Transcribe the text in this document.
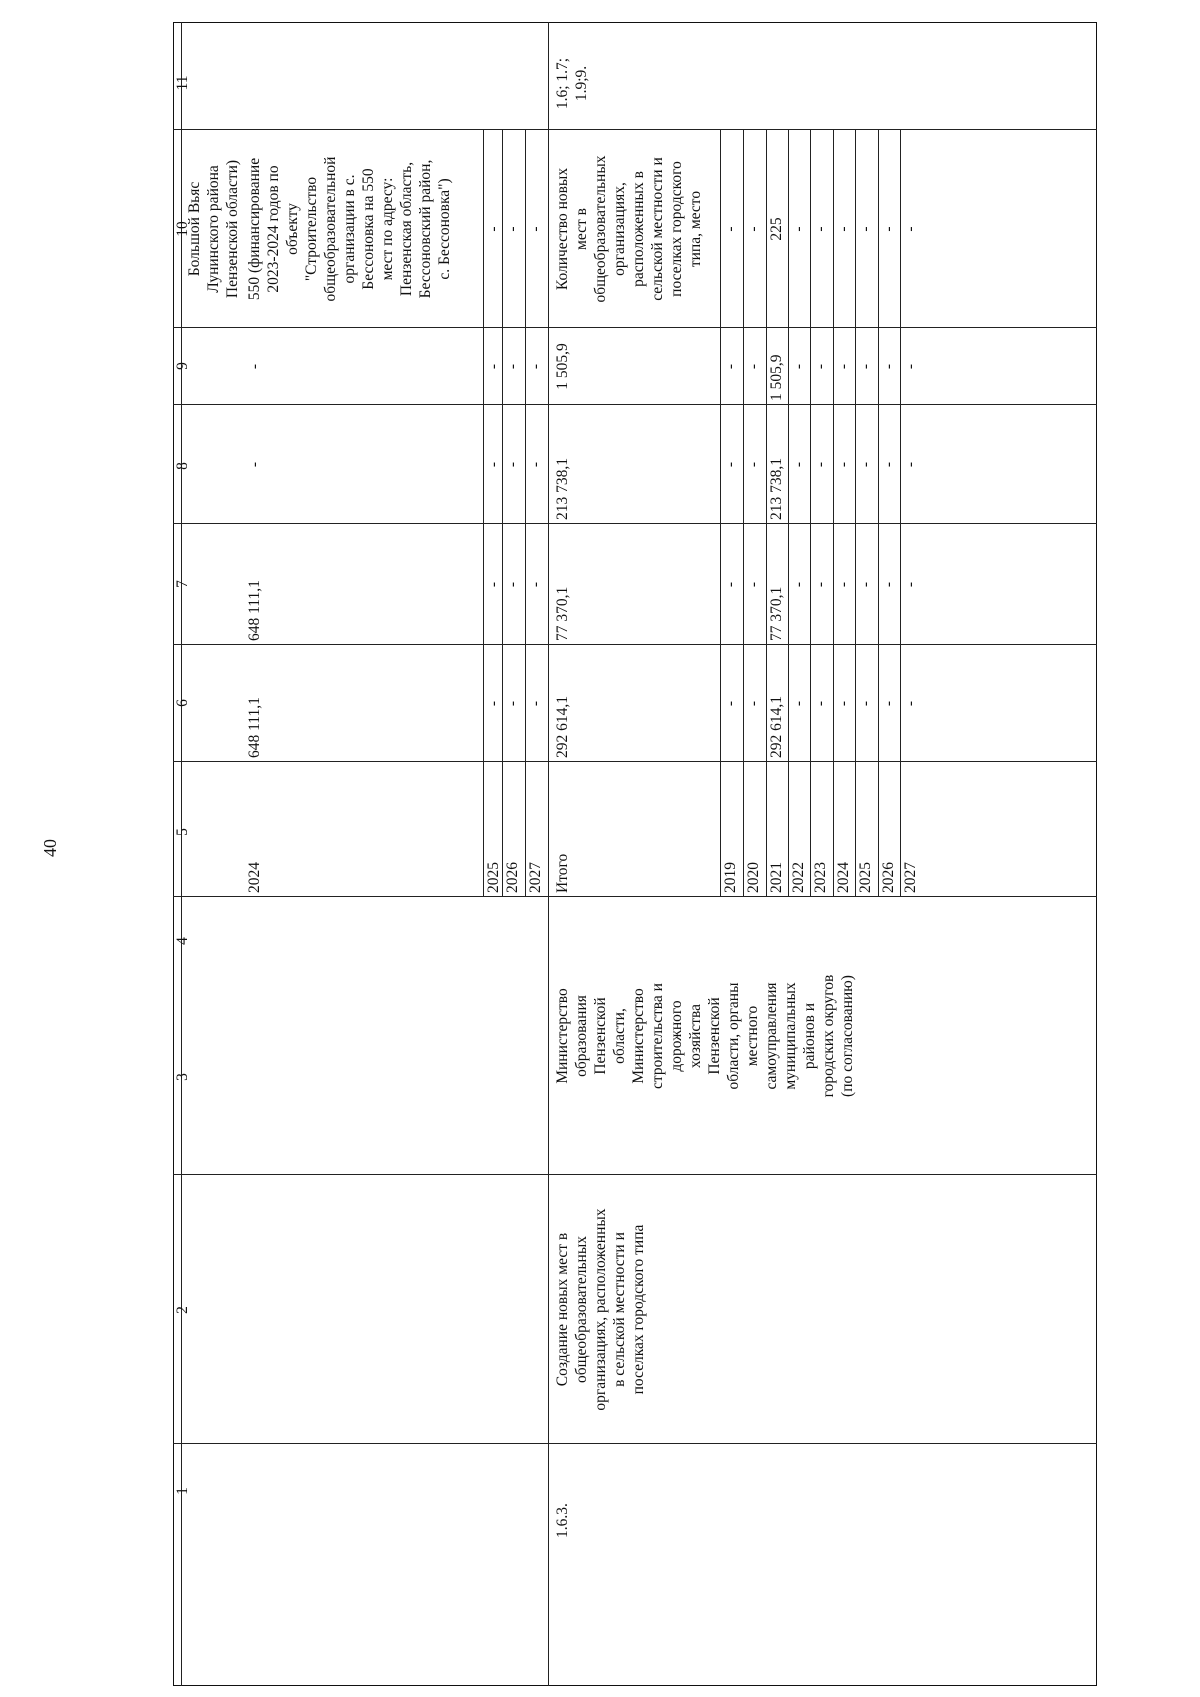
40
1
2
3
4
5
6
7
8
9
10
11
Большой Вьяс
Лунинского района
Пензенской области)
2024
648 111,1
648 111,1
-
-
550 (финансирование
2023-2024 годов по
объекту
"Строительство
общеобразовательной
организации в с.
Бессоновка на 550
мест по адресу:
Пензенская область,
Бессоновский район,
с. Бессоновка")
2025
-
-
-
-
-
2026
-
-
-
-
-
2027
-
-
-
-
-
1.6.3.
Создание новых мест в
общеобразовательных
организациях, расположенных
в сельской местности и
поселках городского типа
Министерство
образования
Пензенской
области,
Министерство
строительства и
дорожного
хозяйства
Пензенской
области, органы
местного
самоуправления
муниципальных
районов и
городских округов
(по согласованию)
Итого
292 614,1
77 370,1
213 738,1
1 505,9
Количество новых
мест в
общеобразовательных
организациях,
расположенных в
сельской местности и
поселках городского
типа, место
2019
-
-
-
-
-
2020
-
-
-
-
-
2021
292 614,1
77 370,1
213 738,1
1 505,9
225
2022
-
-
-
-
-
2023
-
-
-
-
-
2024
-
-
-
-
-
2025
-
-
-
-
-
2026
-
-
-
-
-
2027
-
-
-
-
-
1.6; 1.7;
1.9;9.
